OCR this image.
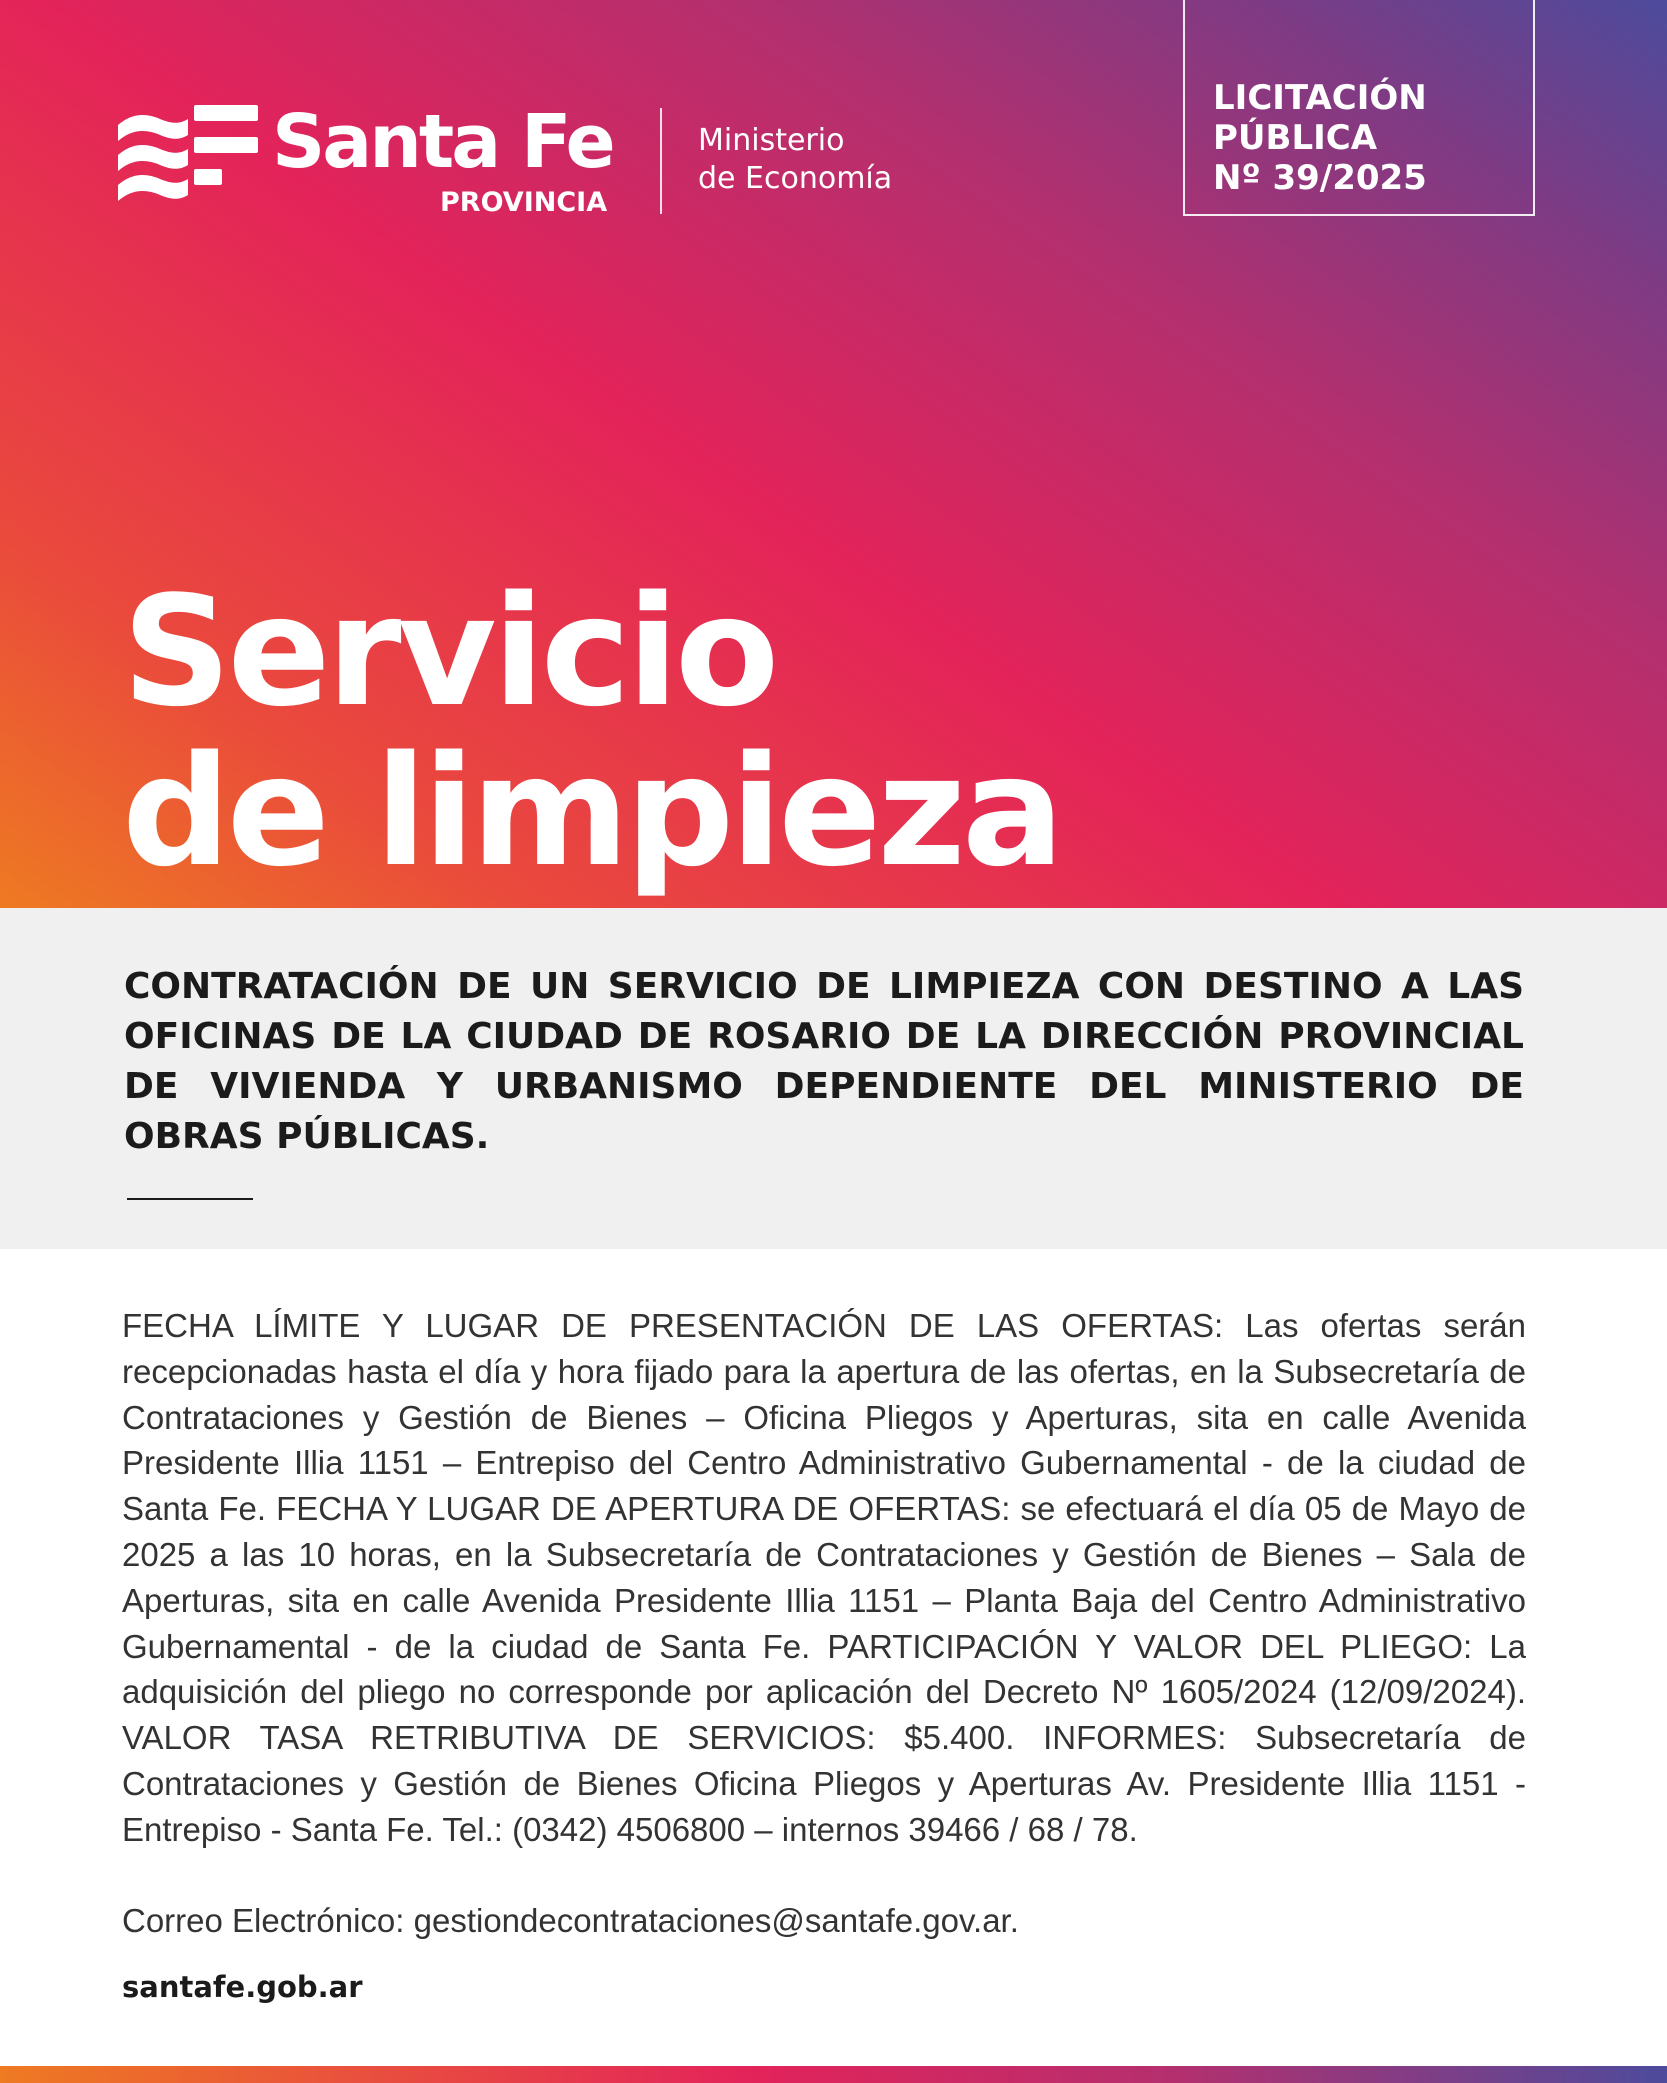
Santa Fe
PROVINCIA
Ministerio
de Economía
LICITACIÓN
PÚBLICA
Nº 39/2025
Servicio
de limpieza
CONTRATACIÓN DE UN SERVICIO DE LIMPIEZA CON DESTINO A LAS OFICINAS DE LA CIUDAD DE ROSARIO DE LA DIRECCIÓN PROVINCIAL DE VIVIENDA Y URBANISMO DEPENDIENTE DEL MINISTERIO DE OBRAS PÚBLICAS.
FECHA LÍMITE Y LUGAR DE PRESENTACIÓN DE LAS OFERTAS: Las ofertas serán recepcionadas hasta el día y hora fijado para la apertura de las ofertas, en la Subsecretaría de Contrataciones y Gestión de Bienes – Oficina Pliegos y Aperturas, sita en calle Avenida Presidente Illia 1151 – Entrepiso del Centro Administrativo Gubernamental - de la ciudad de Santa Fe. FECHA Y LUGAR DE APERTURA DE OFERTAS: se efectuará el día 05 de Mayo de 2025 a las 10 horas, en la Subsecretaría de Contrataciones y Gestión de Bienes – Sala de Aperturas, sita en calle Avenida Presidente Illia 1151 – Planta Baja del Centro Administrativo Gubernamental - de la ciudad de Santa Fe. PARTICIPACIÓN Y VALOR DEL PLIEGO: La adquisición del pliego no corresponde por aplicación del Decreto Nº 1605/2024 (12/09/2024). VALOR TASA RETRIBUTIVA DE SERVICIOS: $5.400. INFORMES: Subsecretaría de Contrataciones y Gestión de Bienes Oficina Pliegos y Aperturas Av. Presidente Illia 1151 - Entrepiso - Santa Fe. Tel.: (0342) 4506800 – internos 39466 / 68 / 78.
Correo Electrónico: gestiondecontrataciones@santafe.gov.ar.
santafe.gob.ar
